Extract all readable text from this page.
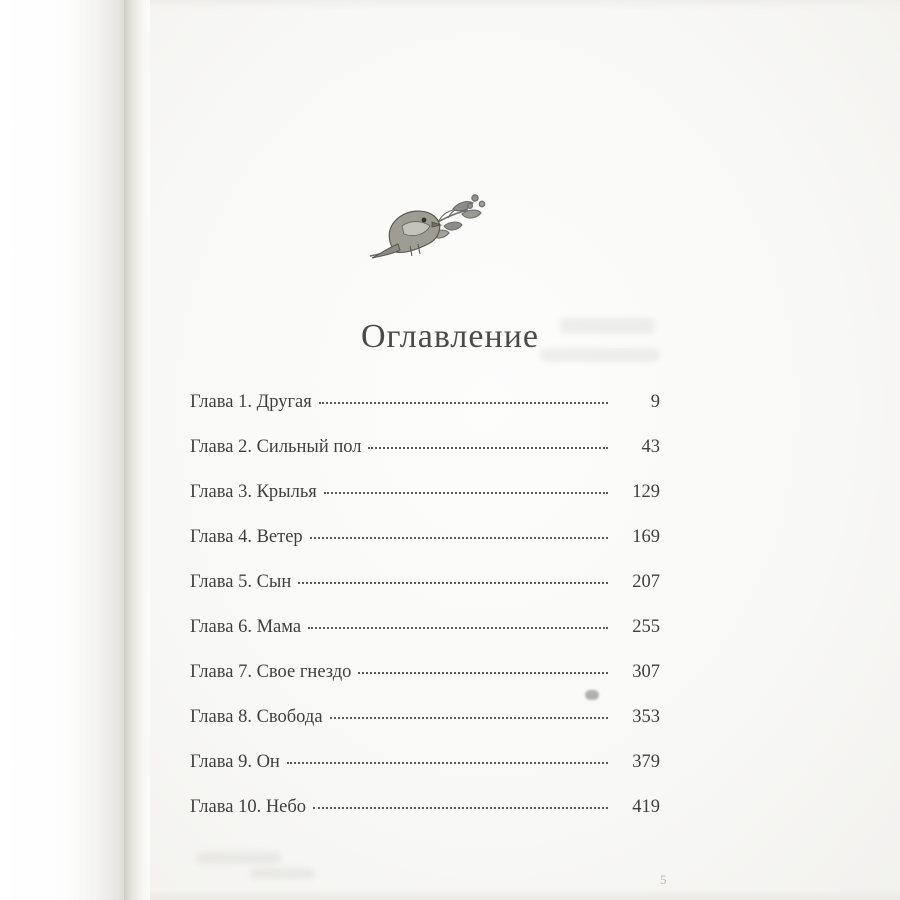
Оглавление
Глава 1. Другая	9
Глава 2. Сильный пол	43
Глава 3. Крылья	129
Глава 4. Ветер	169
Глава 5. Сын	207
Глава 6. Мама	255
Глава 7. Свое гнездо	307
Глава 8. Свобода	353
Глава 9. Он	379
Глава 10. Небо	419
5
